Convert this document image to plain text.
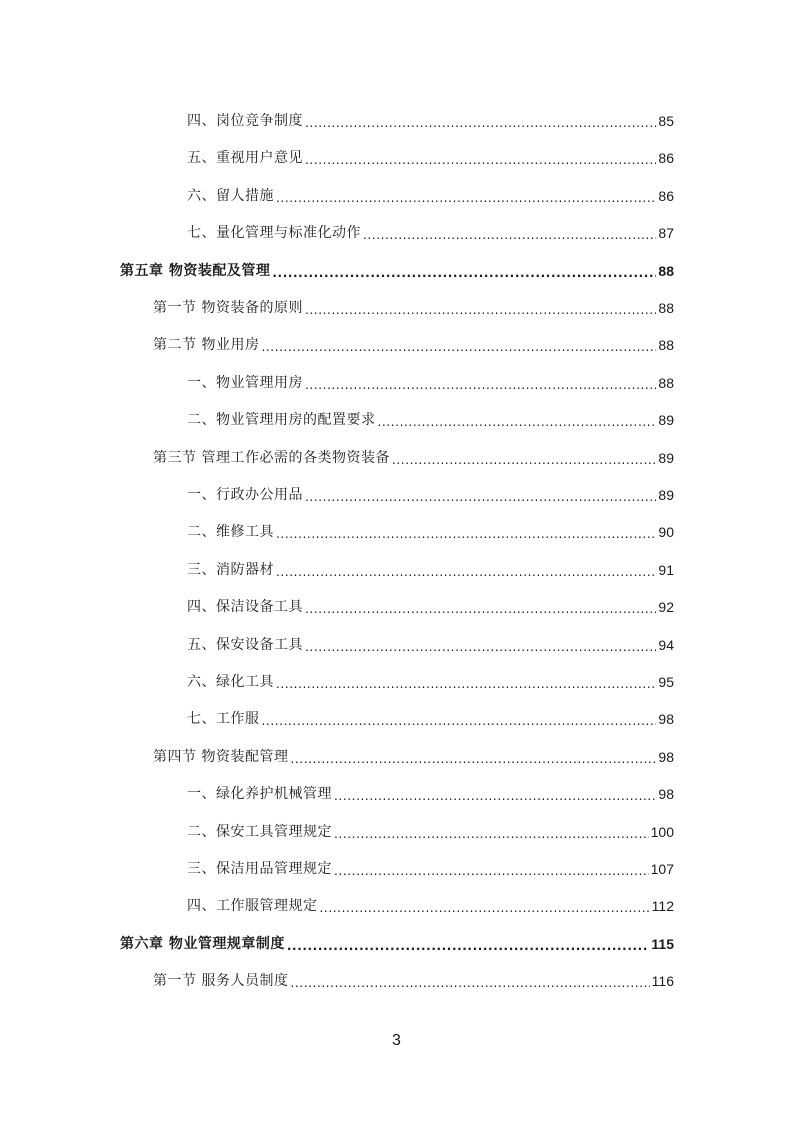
四、岗位竞争制度 .....	85
五、重视用户意见 .....	86
六、留人措施 .....	86
七、量化管理与标准化动作 .....	87
第五章 物资装配及管理 .....	88
第一节 物资装备的原则 .....	88
第二节 物业用房 .....	88
一、物业管理用房 .....	88
二、物业管理用房的配置要求 .....	89
第三节 管理工作必需的各类物资装备 .....	89
一、行政办公用品 .....	89
二、维修工具 .....	90
三、消防器材 .....	91
四、保洁设备工具 .....	92
五、保安设备工具 .....	94
六、绿化工具 .....	95
七、工作服 .....	98
第四节 物资装配管理 .....	98
一、绿化养护机械管理 .....	98
二、保安工具管理规定 .....	100
三、保洁用品管理规定 .....	107
四、工作服管理规定 .....	112
第六章 物业管理规章制度 .....	115
第一节 服务人员制度 .....	116
3
